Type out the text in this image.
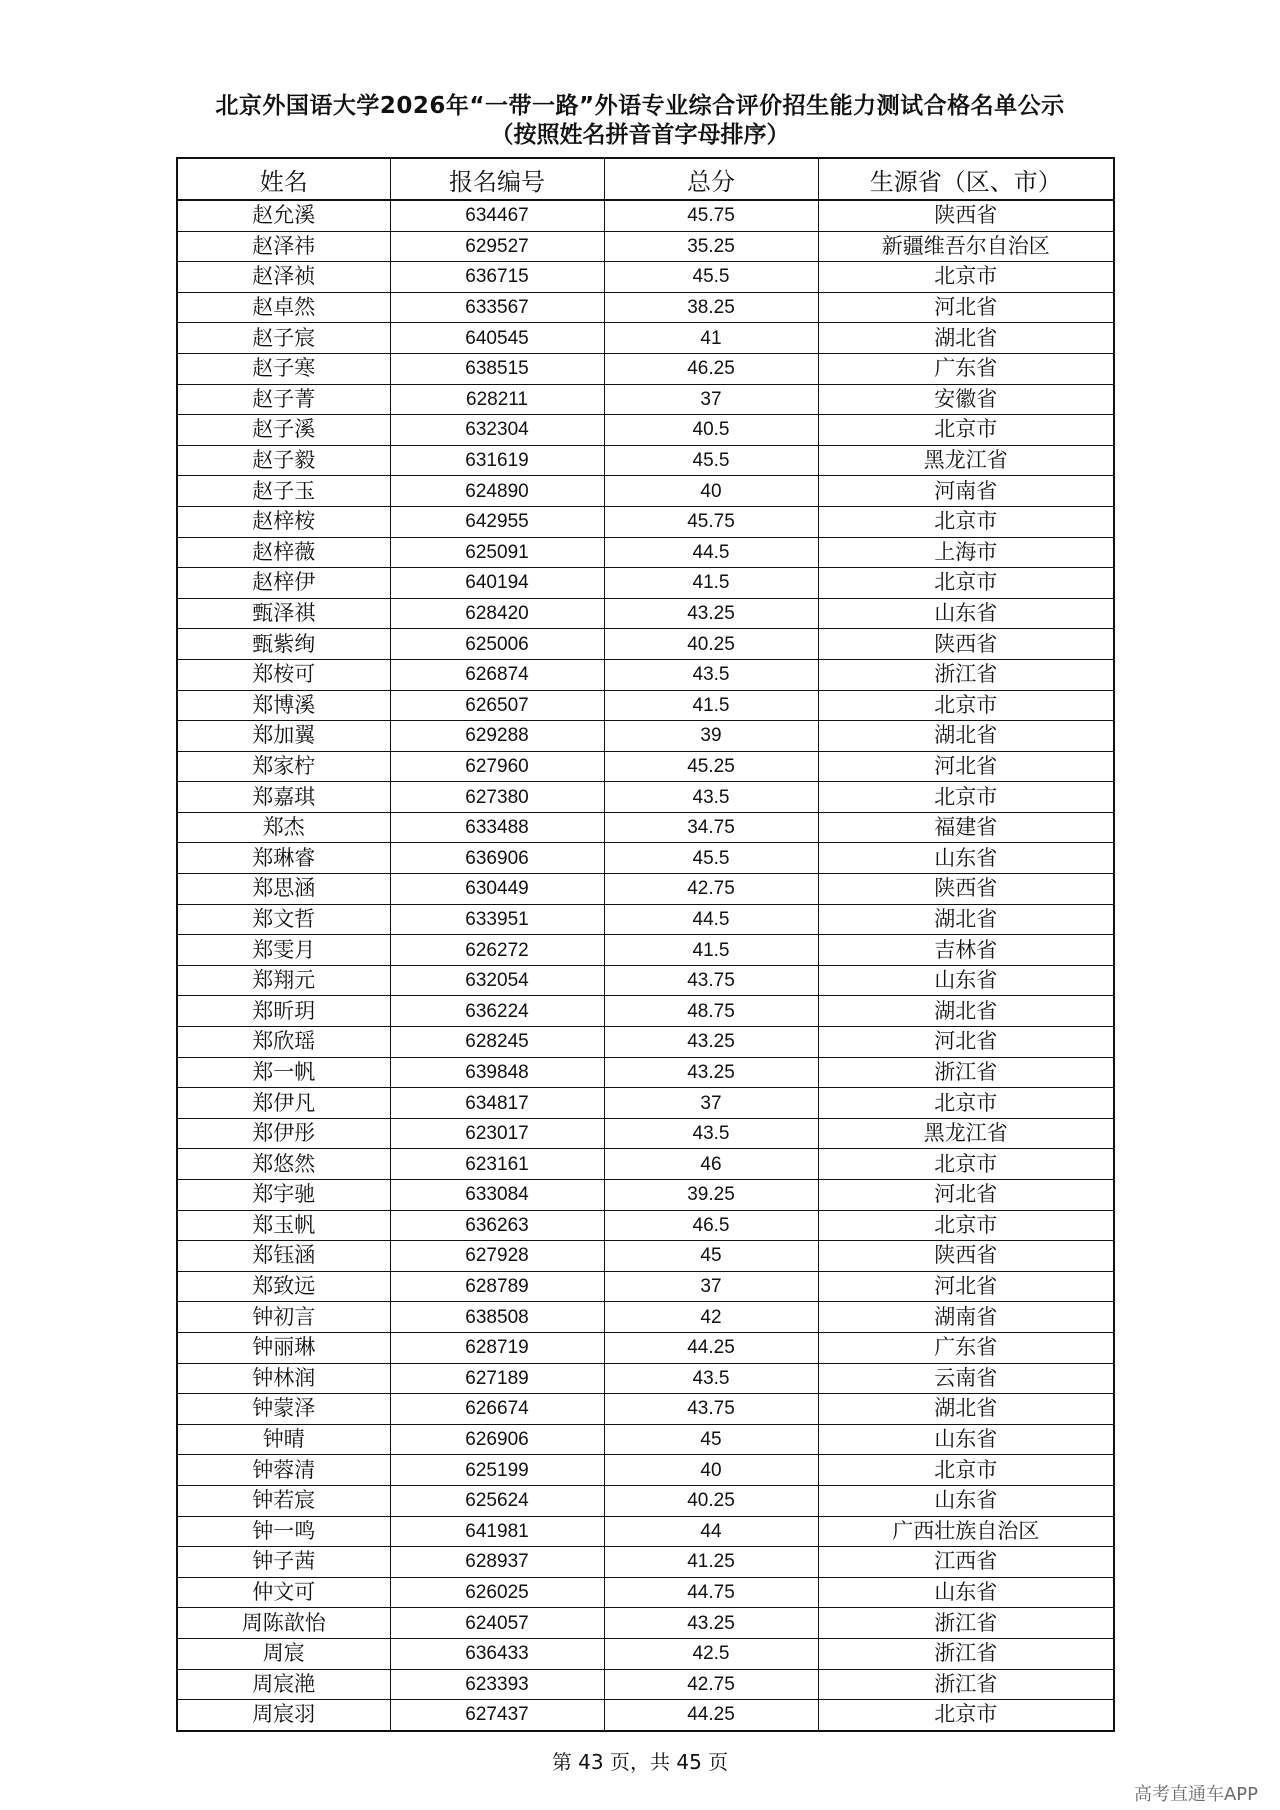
北京外国语大学2026年“一带一路”外语专业综合评价招生能力测试合格名单公示
（按照姓名拼音首字母排序）
姓名	报名编号	总分	生源省（区、市）
赵允溪	634467	45.75	陕西省
赵泽祎	629527	35.25	新疆维吾尔自治区
赵泽祯	636715	45.5	北京市
赵卓然	633567	38.25	河北省
赵子宸	640545	41	湖北省
赵子寒	638515	46.25	广东省
赵子菁	628211	37	安徽省
赵子溪	632304	40.5	北京市
赵子毅	631619	45.5	黑龙江省
赵子玉	624890	40	河南省
赵梓桉	642955	45.75	北京市
赵梓薇	625091	44.5	上海市
赵梓伊	640194	41.5	北京市
甄泽祺	628420	43.25	山东省
甄紫绚	625006	40.25	陕西省
郑桉可	626874	43.5	浙江省
郑博溪	626507	41.5	北京市
郑加翼	629288	39	湖北省
郑家柠	627960	45.25	河北省
郑嘉琪	627380	43.5	北京市
郑杰	633488	34.75	福建省
郑琳睿	636906	45.5	山东省
郑思涵	630449	42.75	陕西省
郑文哲	633951	44.5	湖北省
郑雯月	626272	41.5	吉林省
郑翔元	632054	43.75	山东省
郑昕玥	636224	48.75	湖北省
郑欣瑶	628245	43.25	河北省
郑一帆	639848	43.25	浙江省
郑伊凡	634817	37	北京市
郑伊彤	623017	43.5	黑龙江省
郑悠然	623161	46	北京市
郑宇驰	633084	39.25	河北省
郑玉帆	636263	46.5	北京市
郑钰涵	627928	45	陕西省
郑致远	628789	37	河北省
钟初言	638508	42	湖南省
钟丽琳	628719	44.25	广东省
钟林润	627189	43.5	云南省
钟蒙泽	626674	43.75	湖北省
钟晴	626906	45	山东省
钟蓉清	625199	40	北京市
钟若宸	625624	40.25	山东省
钟一鸣	641981	44	广西壮族自治区
钟子茜	628937	41.25	江西省
仲文可	626025	44.75	山东省
周陈歆怡	624057	43.25	浙江省
周宸	636433	42.5	浙江省
周宸滟	623393	42.75	浙江省
周宸羽	627437	44.25	北京市
第 43 页，共 45 页
高考直通车APP
